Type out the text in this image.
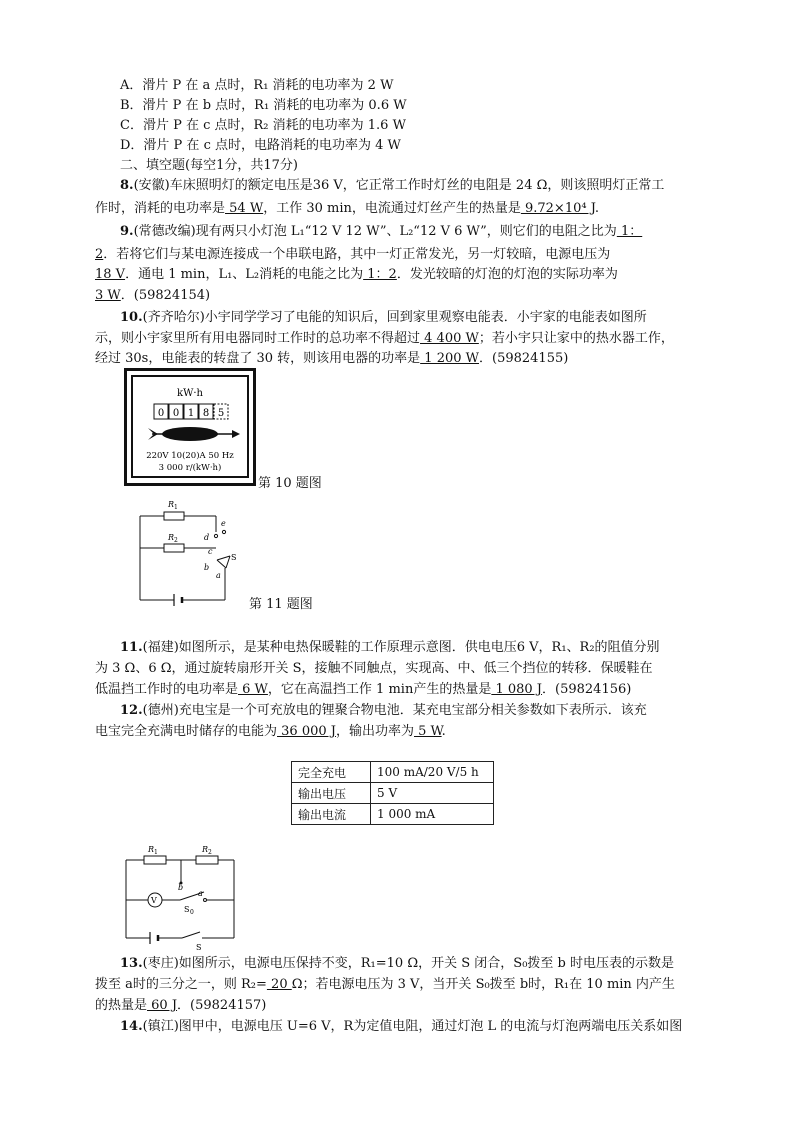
A．滑片 P 在 a 点时，R₁ 消耗的电功率为 2 W
B．滑片 P 在 b 点时，R₁ 消耗的电功率为 0.6 W
C．滑片 P 在 c 点时，R₂ 消耗的电功率为 1.6 W
D．滑片 P 在 c 点时，电路消耗的电功率为 4 W
二、填空题(每空1分，共17分)
8.(安徽)车床照明灯的额定电压是36 V，它正常工作时灯丝的电阻是 24 Ω，则该照明灯正常工
作时，消耗的电功率是 54 W，工作 30 min，电流通过灯丝产生的热量是 9.72×10⁴ J.
9.(常德改编)现有两只小灯泡 L₁“12 V 12 W”、L₂“12 V 6 W”，则它们的电阻之比为 1：
2．若将它们与某电源连接成一个串联电路，其中一灯正常发光，另一灯较暗，电源电压为
18 V．通电 1 min，L₁、L₂消耗的电能之比为 1：2．发光较暗的灯泡的灯泡的实际功率为
3 W．(59824154)
10.(齐齐哈尔)小宇同学学习了电能的知识后，回到家里观察电能表．小宇家的电能表如图所
示，则小宇家里所有用电器同时工作时的总功率不得超过 4 400 W；若小宇只让家中的热水器工作，
经过 30s，电能表的转盘了 30 转，则该用电器的功率是 1 200 W．(59824155)
kW·h
0 0 1 8 5
220V 10(20)A 50 Hz
3 000 r/(kW·h)
第 10 题图
R 1
R 2	d
e
c
S
b
a
第 11 题图
11.(福建)如图所示，是某种电热保暖鞋的工作原理示意图．供电电压6 V，R₁、R₂的阻值分别
为 3 Ω、6 Ω，通过旋转扇形开关 S，接触不同触点，实现高、中、低三个挡位的转移．保暖鞋在
低温挡工作时的电功率是 6 W，它在高温挡工作 1 min产生的热量是 1 080 J．(59824156)
12.(德州)充电宝是一个可充放电的锂聚合物电池．某充电宝部分相关参数如下表所示．该充
电宝完全充满电时储存的电能为 36 000 J，输出功率为 5 W.
完全充电	100 mA/20 V/5 h
输出电压	5 V
输出电流	1 000 mA
V
R 1	R 2
b
a
S 0
S
13.(枣庄)如图所示，电源电压保持不变，R₁=10 Ω，开关 S 闭合，S₀拨至 b 时电压表的示数是
拨至 a时的三分之一，则 R₂= 20 Ω；若电源电压为 3 V，当开关 S₀拨至 b时，R₁在 10 min 内产生
的热量是 60 J．(59824157)
14.(镇江)图甲中，电源电压 U=6 V，R为定值电阻，通过灯泡 L 的电流与灯泡两端电压关系如图
